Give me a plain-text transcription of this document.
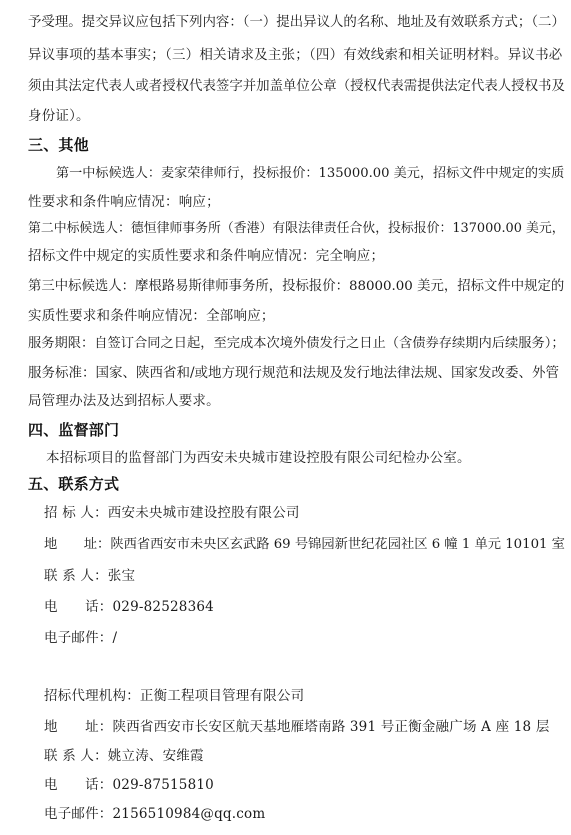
予受理。提交异议应包括下列内容：（一）提出异议人的名称、地址及有效联系方式；（二）
异议事项的基本事实；（三）相关请求及主张；（四）有效线索和相关证明材料。异议书必
须由其法定代表人或者授权代表签字并加盖单位公章（授权代表需提供法定代表人授权书及
身份证）。
三、其他
第一中标候选人：麦家荣律师行，投标报价：135000.00 美元，招标文件中规定的实质
性要求和条件响应情况：响应；
第二中标候选人：德恒律师事务所（香港）有限法律责任合伙，投标报价：137000.00 美元，
招标文件中规定的实质性要求和条件响应情况：完全响应；
第三中标候选人：摩根路易斯律师事务所，投标报价：88000.00 美元，招标文件中规定的
实质性要求和条件响应情况：全部响应；
服务期限：自签订合同之日起，至完成本次境外债发行之日止（含债券存续期内后续服务）；
服务标准：国家、陕西省和/或地方现行规范和法规及发行地法律法规、国家发改委、外管
局管理办法及达到招标人要求。
四、监督部门
本招标项目的监督部门为西安未央城市建设控股有限公司纪检办公室。
五、联系方式
招 标 人：西安未央城市建设控股有限公司
地　　址：陕西省西安市未央区玄武路 69 号锦园新世纪花园社区 6 幢 1 单元 10101 室
联 系 人：张宝
电　　话：029-82528364
电子邮件：/
招标代理机构：正衡工程项目管理有限公司
地　　址：陕西省西安市长安区航天基地雁塔南路 391 号正衡金融广场 A 座 18 层
联 系 人：姚立涛、安维霞
电　　话：029-87515810
电子邮件：2156510984@qq.com
